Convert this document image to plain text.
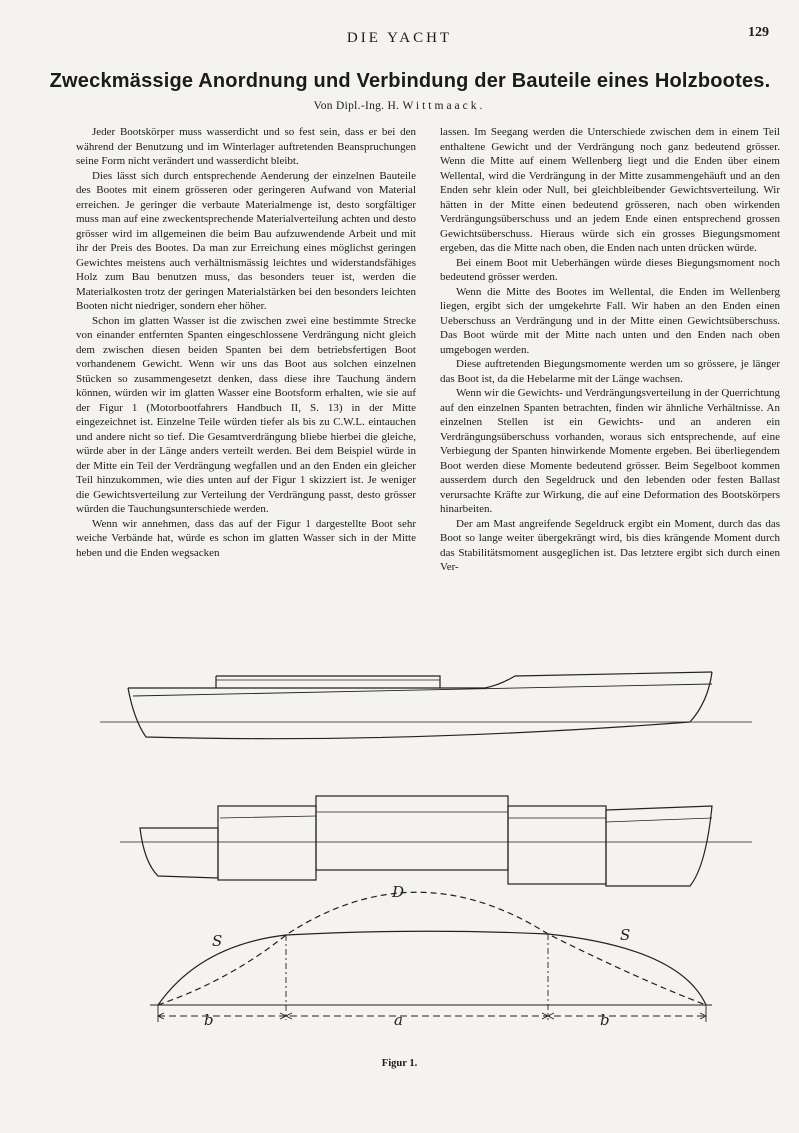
DIE YACHT	129
Zweckmässige Anordnung und Verbindung der Bauteile eines Holzbootes.
Von Dipl.-Ing. H. Wittmaack.

Jeder Bootskörper muss wasserdicht und so fest sein, dass er bei den während der Benutzung und im Winterlager auftretenden Beanspruchungen seine Form nicht verändert und wasserdicht bleibt.

Dies lässt sich durch entsprechende Aenderung der einzelnen Bauteile des Bootes mit einem grösseren oder geringeren Aufwand von Material erreichen. Je geringer die verbaute Materialmenge ist, desto sorgfältiger muss man auf eine zweckentsprechende Materialverteilung achten und desto grösser wird im allgemeinen die beim Bau aufzuwendende Arbeit und mit ihr der Preis des Bootes. Da man zur Erreichung eines möglichst geringen Gewichtes meistens auch verhältnismässig leichtes und widerstandsfähiges Holz zum Bau benutzen muss, das besonders teuer ist, werden die Materialkosten trotz der geringen Materialstärken bei den besonders leichten Booten nicht niedriger, sondern eher höher.

Schon im glatten Wasser ist die zwischen zwei eine bestimmte Strecke von einander entfernten Spanten eingeschlossene Verdrängung nicht gleich dem zwischen diesen beiden Spanten bei dem betriebsfertigen Boot vorhandenem Gewicht. Wenn wir uns das Boot aus solchen einzelnen Stücken so zusammengesetzt denken, dass diese ihre Tauchung ändern können, würden wir im glatten Wasser eine Bootsform erhalten, wie sie auf der Figur 1 (Motorbootfahrers Handbuch II, S. 13) in der Mitte eingezeichnet ist. Einzelne Teile würden tiefer als bis zu C.W.L. eintauchen und andere nicht so tief. Die Gesamtverdrängung bliebe hierbei die gleiche, würde aber in der Länge anders verteilt werden. Bei dem Beispiel würde in der Mitte ein Teil der Verdrängung wegfallen und an den Enden ein gleicher Teil hinzukommen, wie dies unten auf der Figur 1 skizziert ist. Je weniger die Gewichtsverteilung zur Verteilung der Verdrängung passt, desto grösser würden die Tauchungsunterschiede werden.

Wenn wir annehmen, dass das auf der Figur 1 dargestellte Boot sehr weiche Verbände hat, würde es schon im glatten Wasser sich in der Mitte heben und die Enden wegsacken

lassen. Im Seegang werden die Unterschiede zwischen dem in einem Teil enthaltene Gewicht und der Verdrängung noch ganz bedeutend grösser. Wenn die Mitte auf einem Wellenberg liegt und die Enden über einem Wellental, wird die Verdrängung in der Mitte zusammengehäuft und an den Enden sehr klein oder Null, bei gleichbleibender Gewichtsverteilung. Wir hätten in der Mitte einen bedeutend grösseren, nach oben wirkenden Verdrängungsüberschuss und an jedem Ende einen entsprechend grossen Gewichtsüberschuss. Hieraus würde sich ein grosses Biegungsmoment ergeben, das die Mitte nach oben, die Enden nach unten drücken würde.

Bei einem Boot mit Ueberhängen würde dieses Biegungsmoment noch bedeutend grösser werden.

Wenn die Mitte des Bootes im Wellental, die Enden im Wellenberg liegen, ergibt sich der umgekehrte Fall. Wir haben an den Enden einen Ueberschuss an Verdrängung und in der Mitte einen Gewichtsüberschuss. Das Boot würde mit der Mitte nach unten und den Enden nach oben umgebogen werden.

Diese auftretenden Biegungsmomente werden um so grössere, je länger das Boot ist, da die Hebelarme mit der Länge wachsen.

Wenn wir die Gewichts- und Verdrängungsverteilung in der Querrichtung auf den einzelnen Spanten betrachten, finden wir ähnliche Verhältnisse. An einzelnen Stellen ist ein Gewichts- und an anderen ein Verdrängungsüberschuss vorhanden, woraus sich entsprechende, auf eine Verbiegung der Spanten hinwirkende Momente ergeben. Bei überliegendem Boot werden diese Momente bedeutend grösser. Beim Segelboot kommen ausserdem durch den Segeldruck und den lebenden oder festen Ballast verursachte Kräfte zur Wirkung, die auf eine Deformation des Bootskörpers hinarbeiten.

Der am Mast angreifende Segeldruck ergibt ein Moment, durch das das Boot so lange weiter übergekrängt wird, bis dies krängende Moment durch das Stabilitätsmoment ausgeglichen ist. Das letztere ergibt sich durch einen Ver-

D
S	S
b	a	b
Figur 1.
